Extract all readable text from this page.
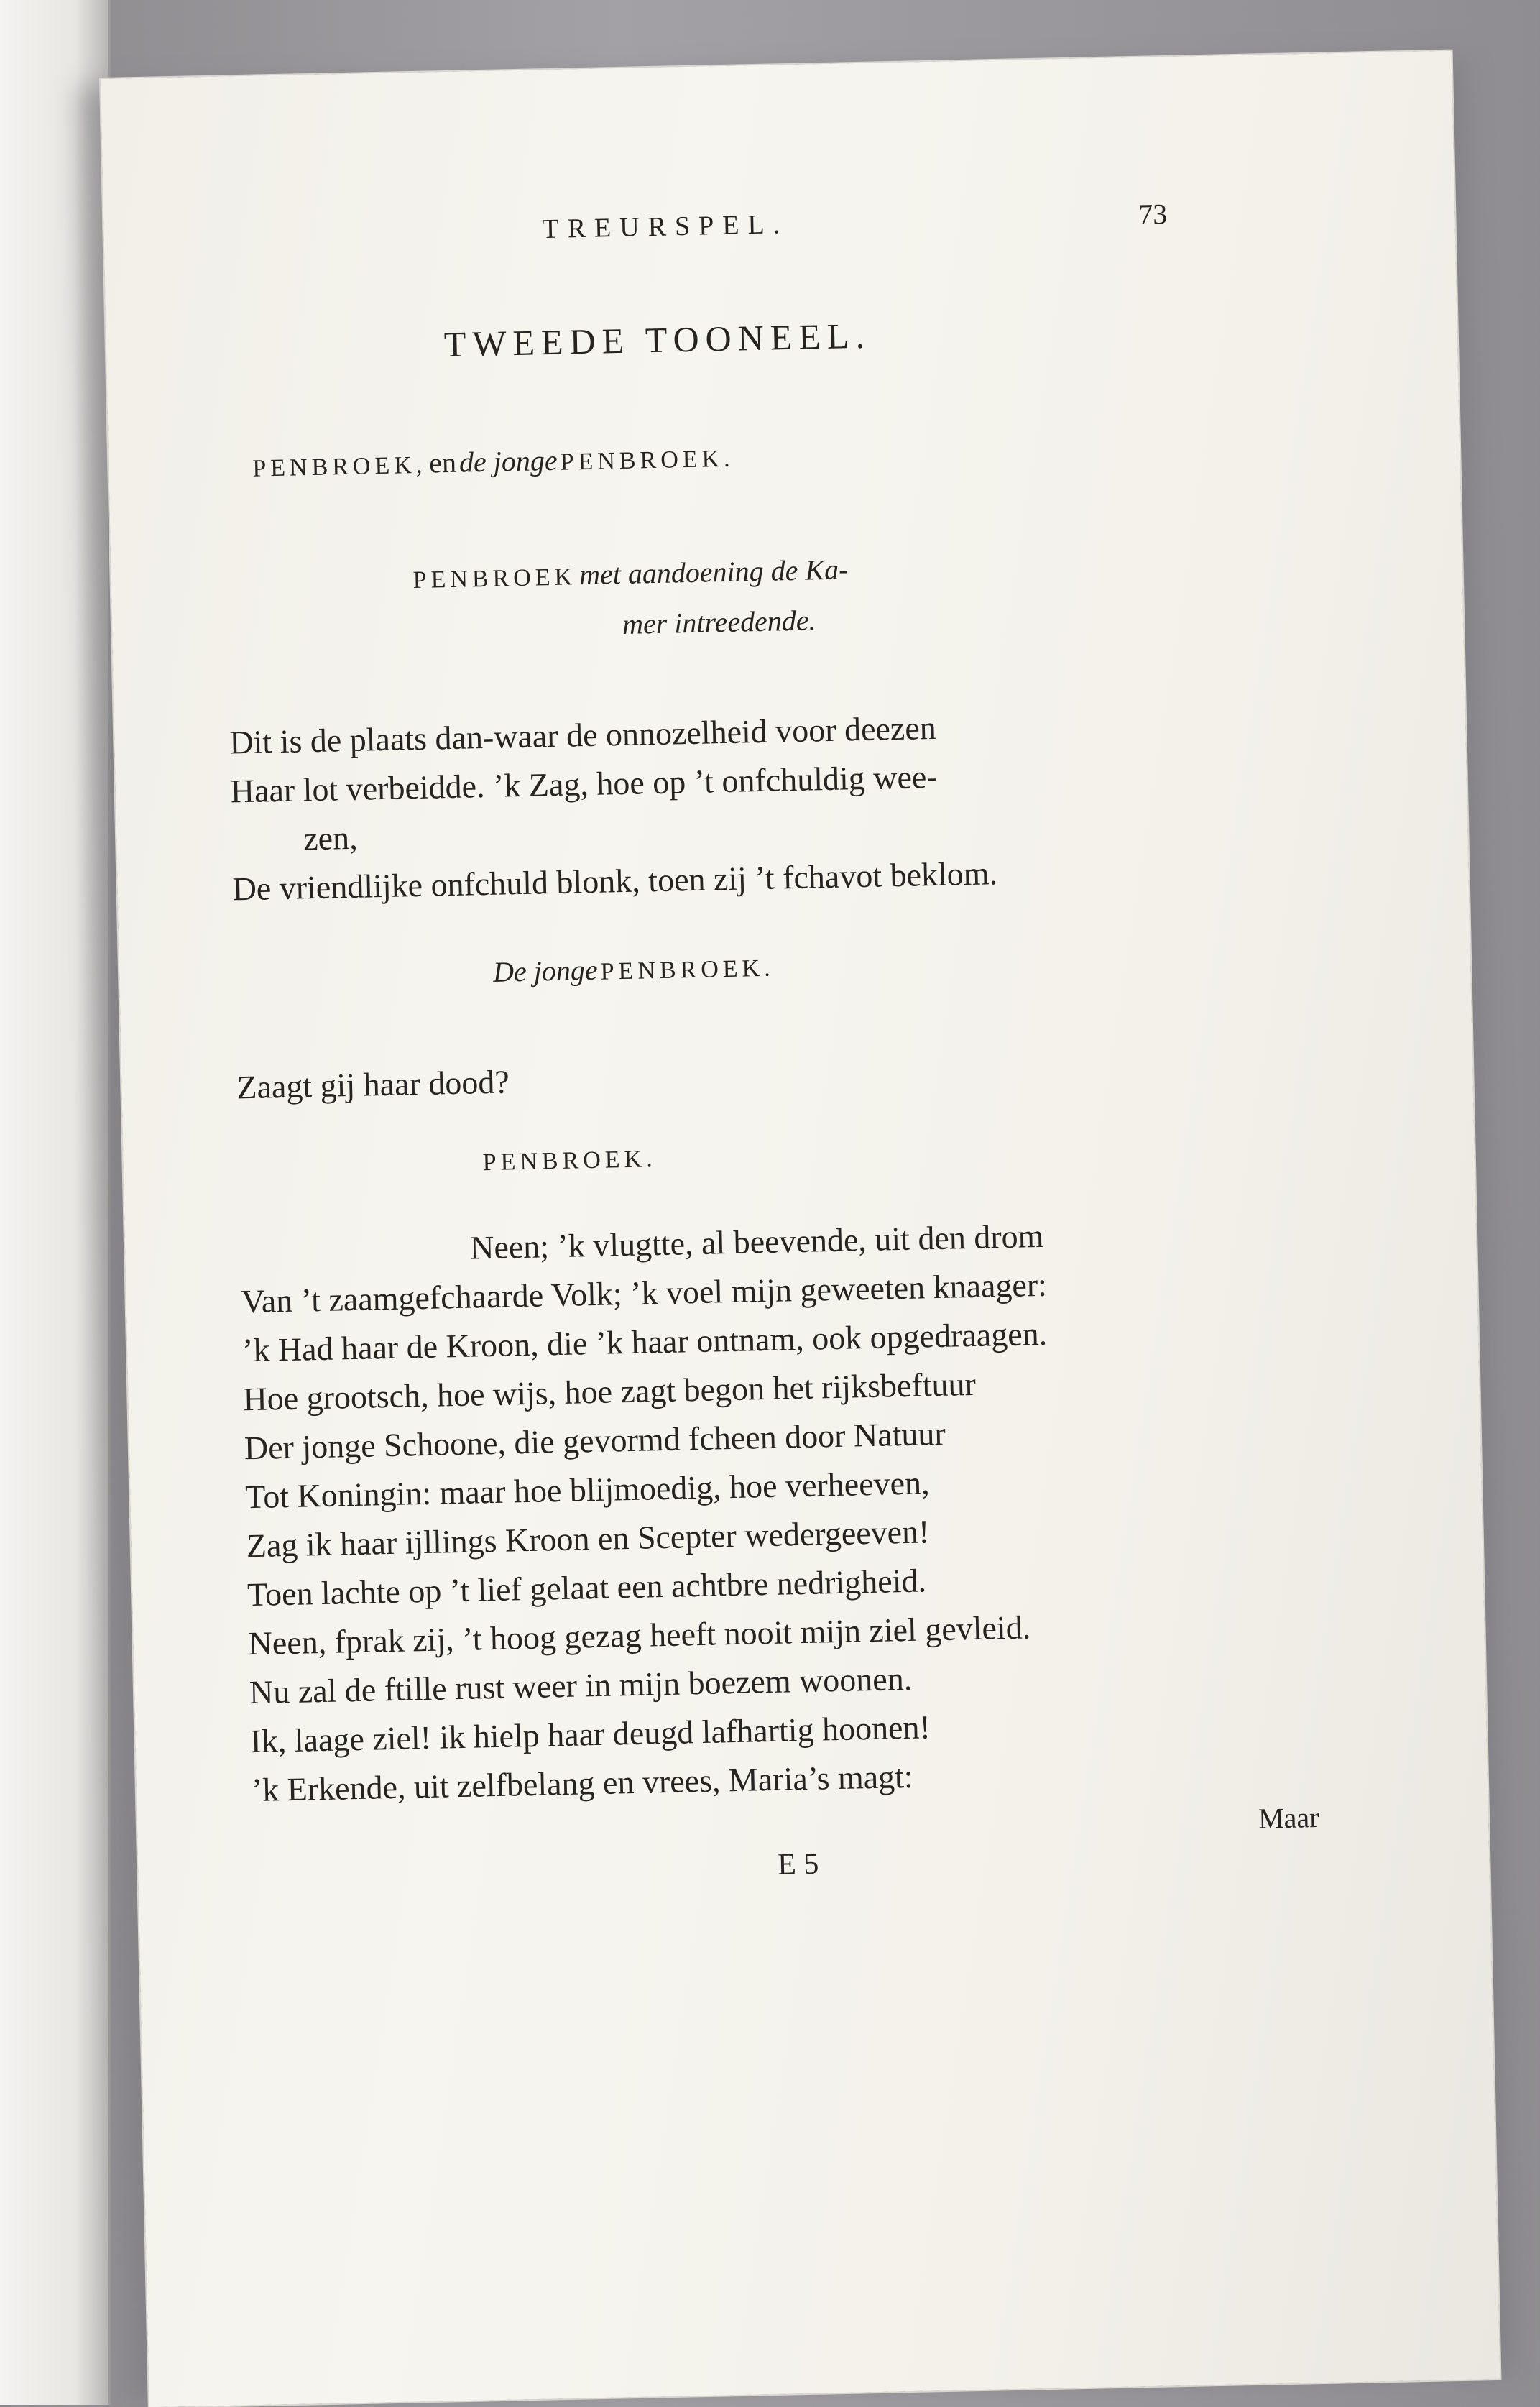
TREURSPEL.	73
TWEEDE TOONEEL.
PENBROEK, en de jonge PENBROEK.
PENBROEK met aandoening de Ka-
mer intreedende.
Dit is de plaats dan-waar de onnozelheid voor deezen
Haar lot verbeidde. ’k Zag, hoe op ’t onfchuldig wee-
zen,
De vriendlijke onfchuld blonk, toen zij ’t fchavot beklom.
De jonge PENBROEK.
Zaagt gij haar dood?
PENBROEK.
Neen; ’k vlugtte, al beevende, uit den drom
Van ’t zaamgefchaarde Volk; ’k voel mijn geweeten knaager:
’k Had haar de Kroon, die ’k haar ontnam, ook opgedraagen.
Hoe grootsch, hoe wijs, hoe zagt begon het rijksbeftuur
Der jonge Schoone, die gevormd fcheen door Natuur
Tot Koningin: maar hoe blijmoedig, hoe verheeven,
Zag ik haar ijllings Kroon en Scepter wedergeeven!
Toen lachte op ’t lief gelaat een achtbre nedrigheid.
Neen, fprak zij, ’t hoog gezag heeft nooit mijn ziel gevleid.
Nu zal de ftille rust weer in mijn boezem woonen.
Ik, laage ziel! ik hielp haar deugd lafhartig hoonen!
’k Erkende, uit zelfbelang en vrees, Maria’s magt:
E 5
Maar
